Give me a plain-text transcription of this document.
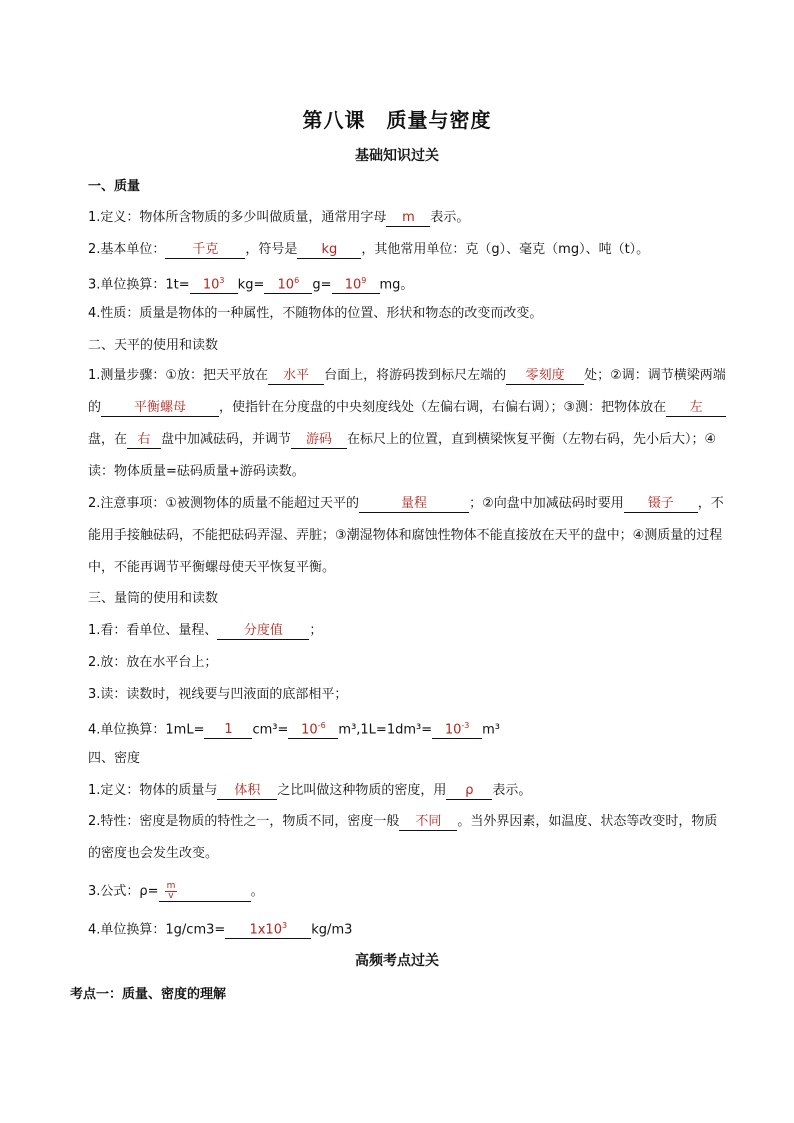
第八课　质量与密度
基础知识过关
一、质量
1.定义：物体所含物质的多少叫做质量，通常用字母 m 表示。
2.基本单位： 千克 ，符号是 kg ，其他常用单位：克（g）、毫克（mg）、吨（t）。
3.单位换算：$1t= 10^3$ $kg= 10^6$ $g= 10^9$ mg。
4.性质：质量是物体的一种属性，不随物体的位置、形状和物态的改变而改变。
二、天平的使用和读数
1.测量步骤：①放：把天平放在 水平 台面上，将游码拨到标尺左端的 零刻度 处；②调：调节横梁两端的	平衡螺母	，使指针在分度盘的中央刻度线处（左偏右调，右偏右调）；③测：把物体放在 左盘，在 右 盘中加减砝码，并调节 游码 在标尺上的位置，直到横梁恢复平衡（左物右码，先小后大）；④读：物体质量=砝码质量+游码读数。
2.注意事项：①被测物体的质量不能超过天平的	量程	；②向盘中加减砝码时要用 镊子 ，不能用手接触砝码，不能把砝码弄湿、弄脏；③潮湿物体和腐蚀性物体不能直接放在天平的盘中；④测质量的过程中，不能再调节平衡螺母使天平恢复平衡。
三、量筒的使用和读数
1.看：看单位、量程、 分度值 ；
2.放：放在水平台上；
3.读：读数时，视线要与凹液面的底部相平；
4.单位换算：1mL= 1 $cm^3= 10^{-6}$ $m^3,1L=1dm^3= 10^{-3}$ m³
四、密度
1.定义：物体的质量与 体积 之比叫做这种物质的密度，用 ρ 表示。
2.特性：密度是物质的特性之一，物质不同，密度一般 不同 。当外界因素，如温度、状态等改变时，物质的密度也会发生改变。
3.公式：$\rho= \frac{m}{v}$	。
4.单位换算：$1g/cm3= 1x10^3$ kg/m3
高频考点过关
考点一：质量、密度的理解
